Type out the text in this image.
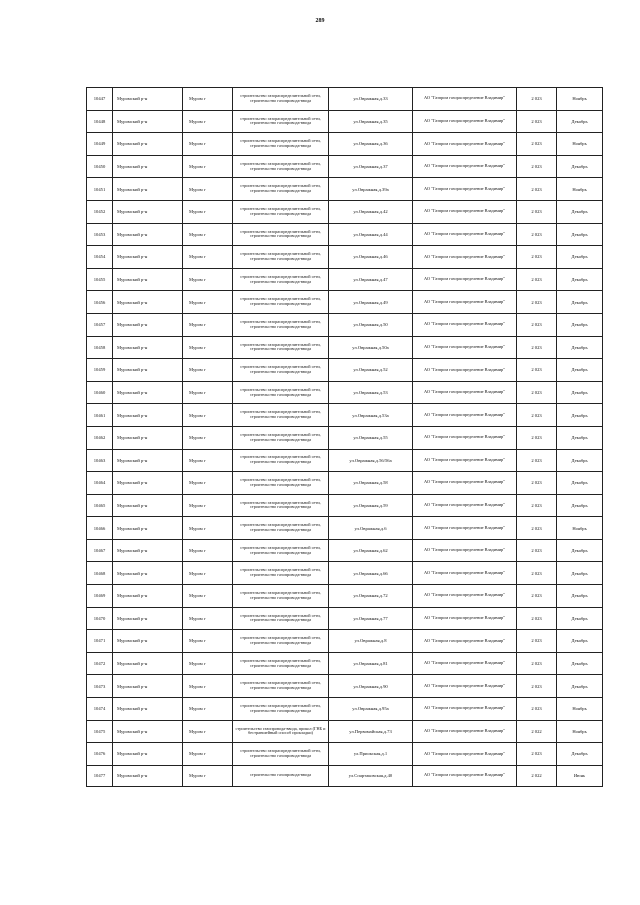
289
10447	Муромский р-н	Муром г	строительство газораспределительной сети, строительство газопровода-ввода	ул.Овражная,д.33	АО "Газпром газораспределение Владимир"	2 023	Ноябрь
10448	Муромский р-н	Муром г	строительство газораспределительной сети, строительство газопровода-ввода	ул.Овражная,д.35	АО "Газпром газораспределение Владимир"	2 023	Декабрь
10449	Муромский р-н	Муром г	строительство газораспределительной сети, строительство газопровода-ввода	ул.Овражная,д.36	АО "Газпром газораспределение Владимир"	2 023	Ноябрь
10450	Муромский р-н	Муром г	строительство газораспределительной сети, строительство газопровода-ввода	ул.Овражная,д.37	АО "Газпром газораспределение Владимир"	2 023	Декабрь
10451	Муромский р-н	Муром г	строительство газораспределительной сети, строительство газопровода-ввода	ул.Овражная,д.39а	АО "Газпром газораспределение Владимир"	2 023	Ноябрь
10452	Муромский р-н	Муром г	строительство газораспределительной сети, строительство газопровода-ввода	ул.Овражная,д.42	АО "Газпром газораспределение Владимир"	2 023	Декабрь
10453	Муромский р-н	Муром г	строительство газораспределительной сети, строительство газопровода-ввода	ул.Овражная,д.44	АО "Газпром газораспределение Владимир"	2 023	Декабрь
10454	Муромский р-н	Муром г	строительство газораспределительной сети, строительство газопровода-ввода	ул.Овражная,д.46	АО "Газпром газораспределение Владимир"	2 023	Декабрь
10455	Муромский р-н	Муром г	строительство газораспределительной сети, строительство газопровода-ввода	ул.Овражная,д.47	АО "Газпром газораспределение Владимир"	2 023	Декабрь
10456	Муромский р-н	Муром г	строительство газораспределительной сети, строительство газопровода-ввода	ул.Овражная,д.49	АО "Газпром газораспределение Владимир"	2 023	Декабрь
10457	Муромский р-н	Муром г	строительство газораспределительной сети, строительство газопровода-ввода	ул.Овражная,д.50	АО "Газпром газораспределение Владимир"	2 023	Декабрь
10458	Муромский р-н	Муром г	строительство газораспределительной сети, строительство газопровода-ввода	ул.Овражная,д.50а	АО "Газпром газораспределение Владимир"	2 023	Декабрь
10459	Муромский р-н	Муром г	строительство газораспределительной сети, строительство газопровода-ввода	ул.Овражная,д.52	АО "Газпром газораспределение Владимир"	2 023	Декабрь
10460	Муромский р-н	Муром г	строительство газораспределительной сети, строительство газопровода-ввода	ул.Овражная,д.53	АО "Газпром газораспределение Владимир"	2 023	Декабрь
10461	Муромский р-н	Муром г	строительство газораспределительной сети, строительство газопровода-ввода	ул.Овражная,д.53а	АО "Газпром газораспределение Владимир"	2 023	Декабрь
10462	Муромский р-н	Муром г	строительство газораспределительной сети, строительство газопровода-ввода	ул.Овражная,д.55	АО "Газпром газораспределение Владимир"	2 023	Декабрь
10463	Муромский р-н	Муром г	строительство газораспределительной сети, строительство газопровода-ввода	ул.Овражная,д.56/56а	АО "Газпром газораспределение Владимир"	2 023	Декабрь
10464	Муромский р-н	Муром г	строительство газораспределительной сети, строительство газопровода-ввода	ул.Овражная,д.58	АО "Газпром газораспределение Владимир"	2 023	Декабрь
10465	Муромский р-н	Муром г	строительство газораспределительной сети, строительство газопровода-ввода	ул.Овражная,д.59	АО "Газпром газораспределение Владимир"	2 023	Декабрь
10466	Муромский р-н	Муром г	строительство газораспределительной сети, строительство газопровода-ввода	ул.Овражная,д.6	АО "Газпром газораспределение Владимир"	2 023	Ноябрь
10467	Муромский р-н	Муром г	строительство газораспределительной сети, строительство газопровода-ввода	ул.Овражная,д.62	АО "Газпром газораспределение Владимир"	2 023	Декабрь
10468	Муромский р-н	Муром г	строительство газораспределительной сети, строительство газопровода-ввода	ул.Овражная,д.66	АО "Газпром газораспределение Владимир"	2 023	Декабрь
10469	Муромский р-н	Муром г	строительство газораспределительной сети, строительство газопровода-ввода	ул.Овражная,д.72	АО "Газпром газораспределение Владимир"	2 023	Декабрь
10470	Муромский р-н	Муром г	строительство газораспределительной сети, строительство газопровода-ввода	ул.Овражная,д.77	АО "Газпром газораспределение Владимир"	2 023	Декабрь
10471	Муромский р-н	Муром г	строительство газораспределительной сети, строительство газопровода-ввода	ул.Овражная,д.8	АО "Газпром газораспределение Владимир"	2 023	Декабрь
10472	Муромский р-н	Муром г	строительство газораспределительной сети, строительство газопровода-ввода	ул.Овражная,д.81	АО "Газпром газораспределение Владимир"	2 023	Декабрь
10473	Муромский р-н	Муром г	строительство газораспределительной сети, строительство газопровода-ввода	ул.Овражная,д.90	АО "Газпром газораспределение Владимир"	2 023	Декабрь
10474	Муромский р-н	Муром г	строительство газораспределительной сети, строительство газопровода-ввода	ул.Овражная,д.95а	АО "Газпром газораспределение Владимир"	2 023	Ноябрь
10475	Муромский р-н	Муром г	строительство газопровода-ввода, прокол (ГНБ и бестраншейный способ прокладки)	ул.Первомайская,д.73	АО "Газпром газораспределение Владимир"	2 022	Ноябрь
10476	Муромский р-н	Муром г	строительство газораспределительной сети, строительство газопровода-ввода	ул.Приокская,д.1	АО "Газпром газораспределение Владимир"	2 023	Декабрь
10477	Муромский р-н	Муром г	строительство газопровода-ввода	ул.Спартаковская,д.40	АО "Газпром газораспределение Владимир"	2 022	Июнь
